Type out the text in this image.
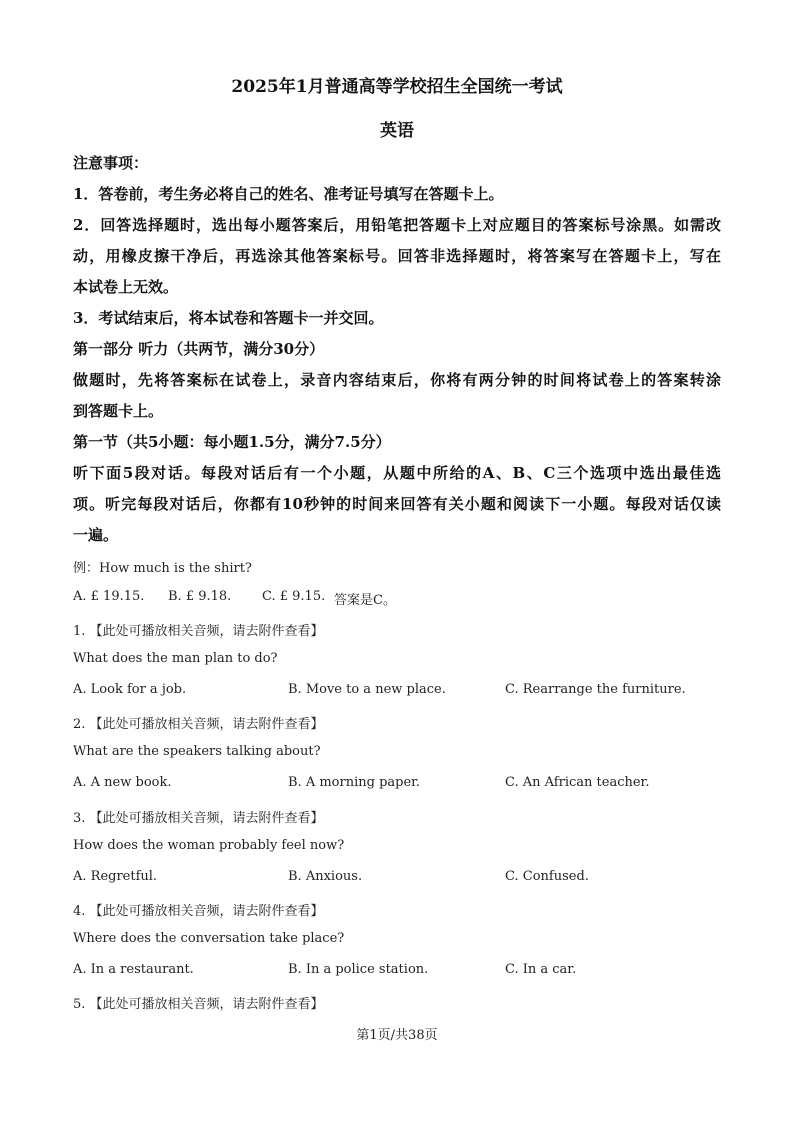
2025年1月普通高等学校招生全国统一考试
英语
注意事项：
1．答卷前，考生务必将自己的姓名、准考证号填写在答题卡上。
2．回答选择题时，选出每小题答案后，用铅笔把答题卡上对应题目的答案标号涂黑。如需改
动，用橡皮擦干净后，再选涂其他答案标号。回答非选择题时，将答案写在答题卡上，写在
本试卷上无效。
3．考试结束后，将本试卷和答题卡一并交回。
第一部分 听力（共两节，满分30分）
做题时，先将答案标在试卷上，录音内容结束后，你将有两分钟的时间将试卷上的答案转涂
到答题卡上。
第一节（共5小题：每小题1.5分，满分7.5分）
听下面5段对话。每段对话后有一个小题，从题中所给的A、B、C三个选项中选出最佳选
项。听完每段对话后，你都有10秒钟的时间来回答有关小题和阅读下一小题。每段对话仅读
一遍。
例：How much is the shirt?
A. £ 19.15. B. £ 9.18. C. £ 9.15. 答案是C。
1. 【此处可播放相关音频，请去附件查看】
What does the man plan to do?
A. Look for a job.	B. Move to a new place.	C. Rearrange the furniture.
2. 【此处可播放相关音频，请去附件查看】
What are the speakers talking about?
A. A new book.	B. A morning paper.	C. An African teacher.
3. 【此处可播放相关音频，请去附件查看】
How does the woman probably feel now?
A. Regretful.	B. Anxious.	C. Confused.
4. 【此处可播放相关音频，请去附件查看】
Where does the conversation take place?
A. In a restaurant.	B. In a police station.	C. In a car.
5. 【此处可播放相关音频，请去附件查看】
第1页/共38页
